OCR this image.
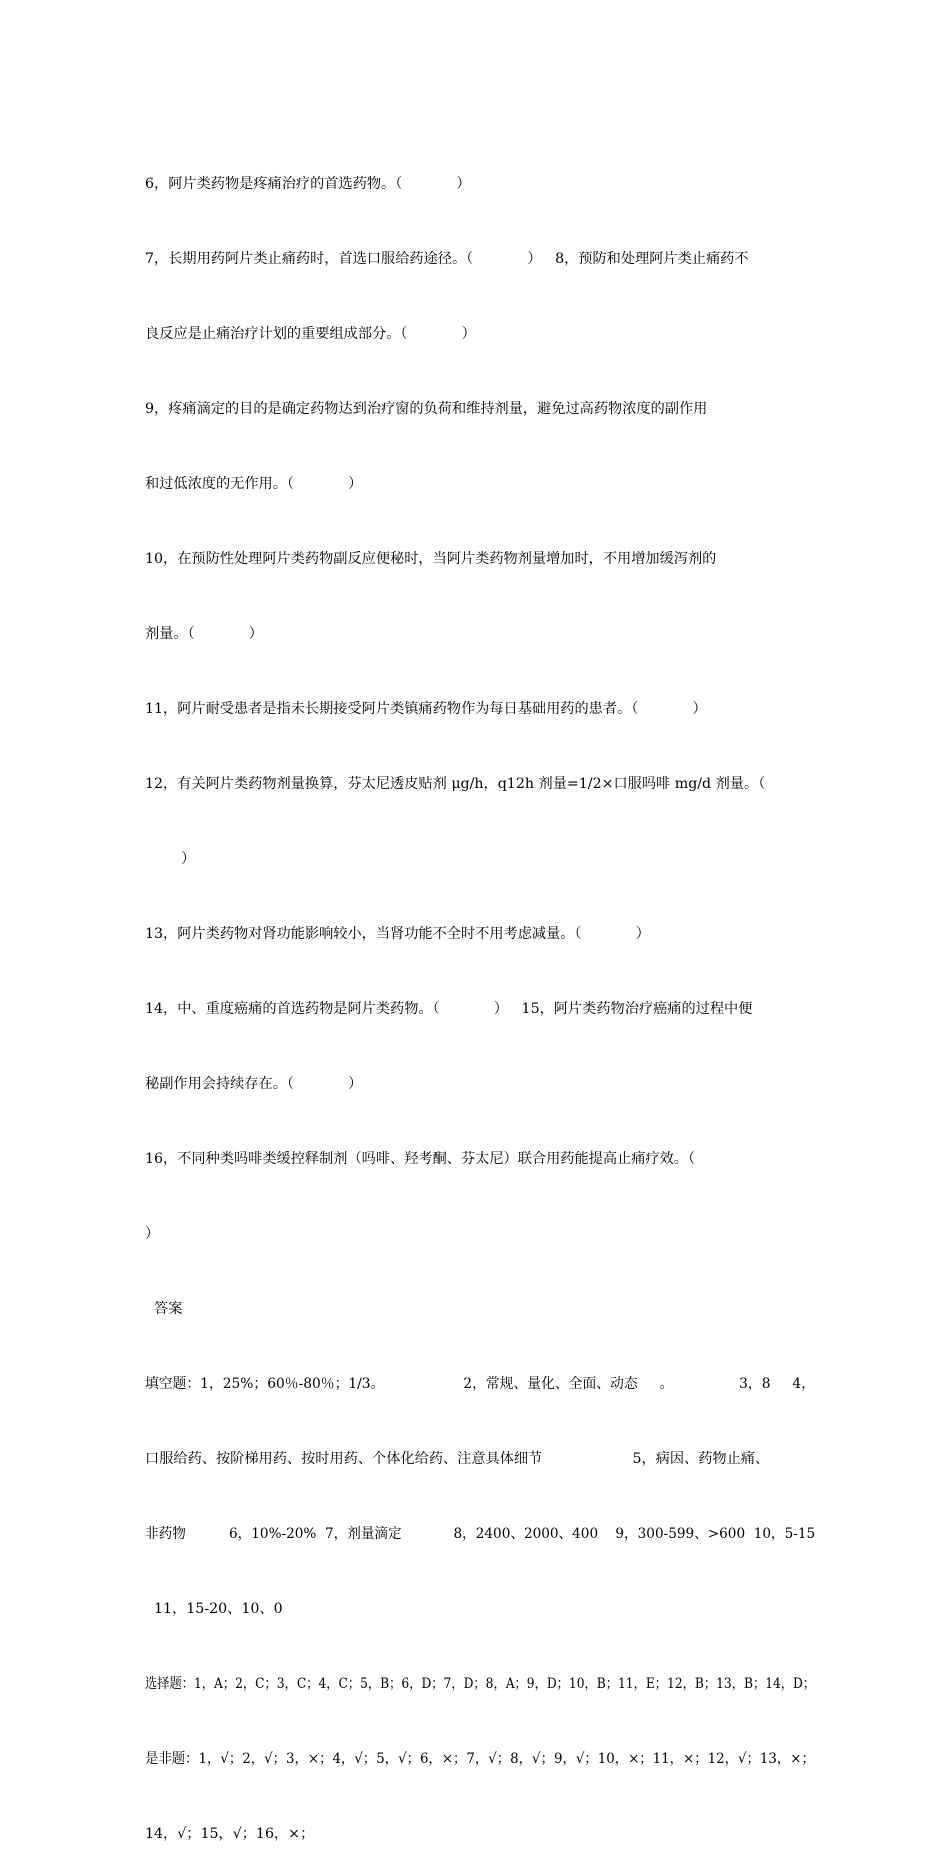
6，阿片类药物是疼痛治疗的首选药物。（            ）

7，长期用药阿片类止痛药时，首选口服给药途径。（            ）   8，预防和处理阿片类止痛药不

良反应是止痛治疗计划的重要组成部分。（            ）

9，疼痛滴定的目的是确定药物达到治疗窗的负荷和维持剂量，避免过高药物浓度的副作用

和过低浓度的无作用。（            ）

10，在预防性处理阿片类药物副反应便秘时，当阿片类药物剂量增加时，不用增加缓泻剂的

剂量。（            ）

11，阿片耐受患者是指未长期接受阿片类镇痛药物作为每日基础用药的患者。（            ）

12，有关阿片类药物剂量换算，芬太尼透皮贴剂 μg/h，q12h 剂量=1/2×口服吗啡 mg/d 剂量。（

）

13，阿片类药物对肾功能影响较小，当肾功能不全时不用考虑减量。（            ）

14，中、重度癌痛的首选药物是阿片类药物。（            ）   15，阿片类药物治疗癌痛的过程中便

秘副作用会持续存在。（            ）

16，不同种类吗啡类缓控释制剂（吗啡、羟考酮、芬太尼）联合用药能提高止痛疗效。（

）

答案

填空题：1，25%；60％-80％；1/3。                  2，常规、量化、全面、动态     。               3，8     4，

口服给药、按阶梯用药、按时用药、个体化给药、注意具体细节                    5，病因、药物止痛、

非药物          6，10%-20%  7，剂量滴定            8，2400、2000、400    9，300-599、>600  10，5-15

11，15-20、10、0

选择题：1，A；2，C；3，C；4，C；5，B；6，D；7，D；8，A；9，D；10，B；11，E；12，B；13，B；14，D；

是非题：1，√；2，√；3，×；4，√；5，√；6，×；7，√；8，√；9，√；10，×；11，×；12，√；13，×；

14，√；15，√；16，×；
